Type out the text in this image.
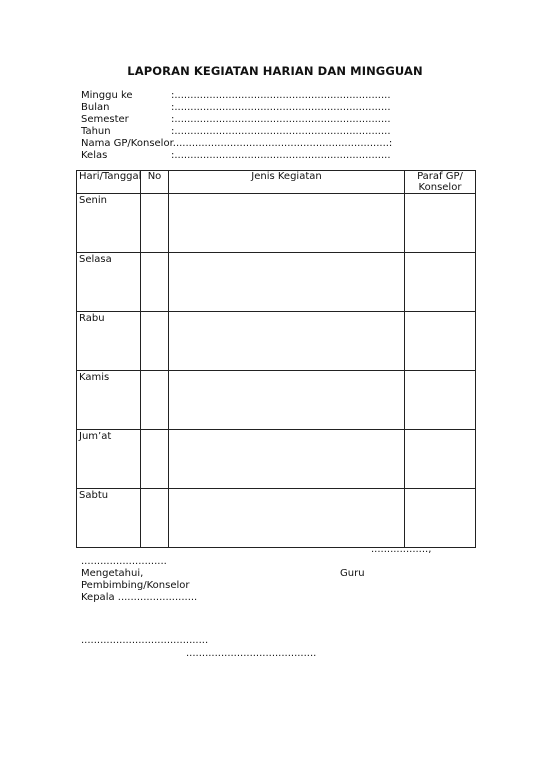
LAPORAN KEGIATAN HARIAN DAN MINGGUAN
Minggu ke	:....................................................................
Bulan	:....................................................................
Semester	:....................................................................
Tahun	:....................................................................
Nama GP/Konselor....................................................................:
Kelas	:....................................................................
Hari/Tanggal	No	Jenis Kegiatan	Paraf GP/ Konselor
Senin			
Selasa			
Rabu			
Kamis			
Jum’at			
Sabtu			
..................,
...........................
Mengetahui,	Guru
Pembimbing/Konselor
Kepala .........................
........................................
.........................................
